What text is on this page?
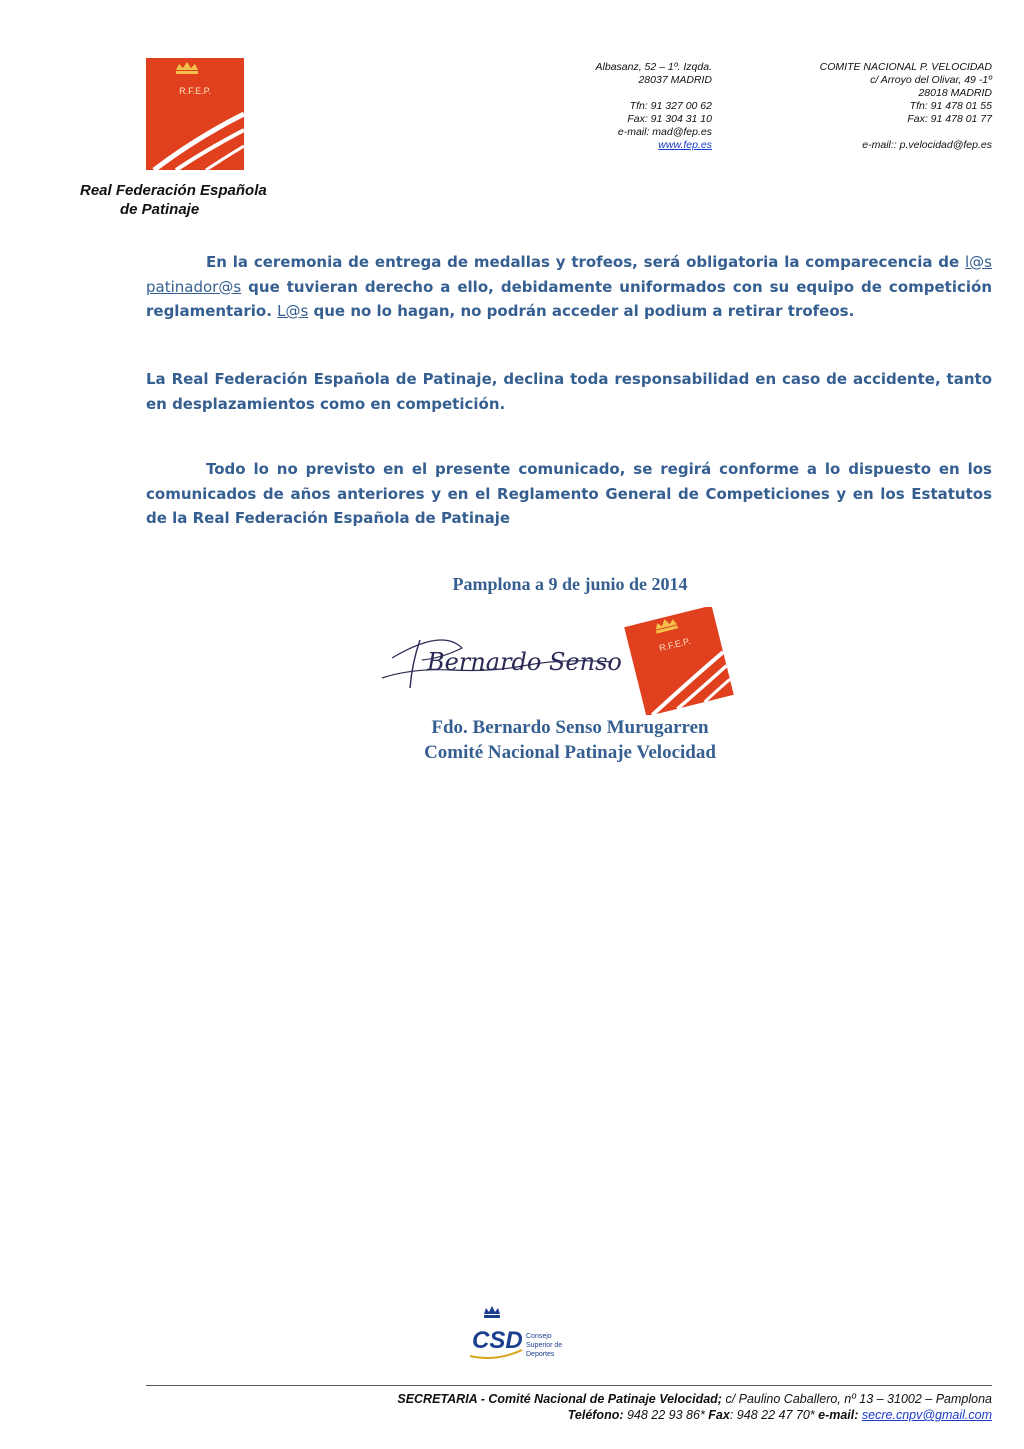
R.F.E.P.
Real Federación Española
de Patinaje
Albasanz, 52 – 1º. Izqda.
28037 MADRID
Tfn: 91 327 00 62
Fax: 91 304 31 10
e-mail: mad@fep.es
www.fep.es
COMITE NACIONAL P. VELOCIDAD
c/ Arroyo del Olivar, 49 -1º
28018 MADRID
Tfn: 91 478 01 55
Fax: 91 478 01 77
e-mail:: p.velocidad@fep.es
En la ceremonia de entrega de medallas y trofeos, será obligatoria la comparecencia de l@s patinador@s que tuvieran derecho a ello, debidamente uniformados con su equipo de competición reglamentario. L@s que no lo hagan, no podrán acceder al podium a retirar trofeos.
La Real Federación Española de Patinaje, declina toda responsabilidad en caso de accidente, tanto en desplazamientos como en competición.
Todo lo no previsto en el presente comunicado, se regirá conforme a lo dispuesto en los comunicados de años anteriores y en el Reglamento General de Competiciones y en los Estatutos de la Real Federación Española de Patinaje
Pamplona a 9 de junio de 2014
Bernardo Senso
R.F.E.P.
Fdo. Bernardo Senso Murugarren
Comité Nacional Patinaje Velocidad
CSD Consejo
Superior de
Deportes
SECRETARIA - Comité Nacional de Patinaje Velocidad; c/ Paulino Caballero, nº 13 – 31002 – Pamplona
Teléfono: 948 22 93 86* Fax: 948 22 47 70* e-mail: secre.cnpv@gmail.com
